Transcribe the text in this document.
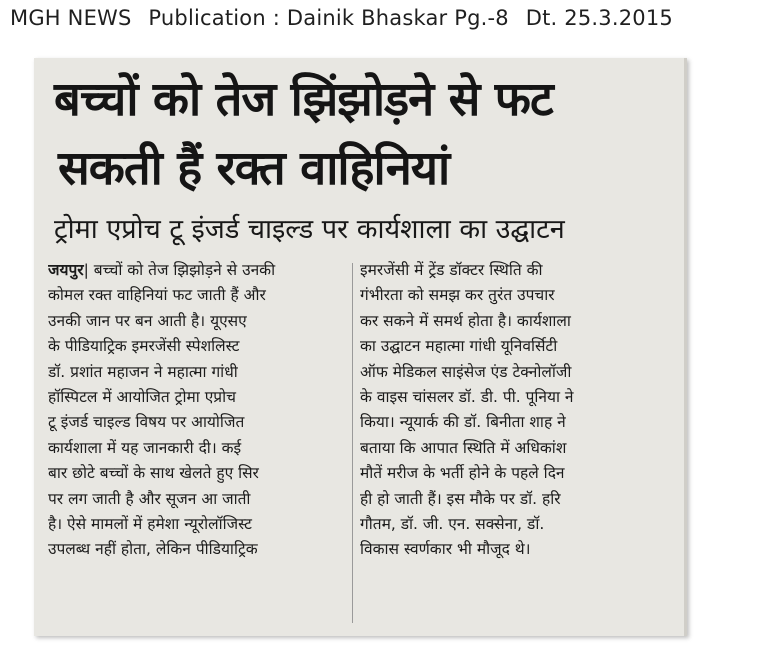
MGH NEWS Publication : Dainik Bhaskar Pg.-8 Dt. 25.3.2015
बच्चों को तेज झिंझोड़ने से फट
सकती हैं रक्त वाहिनियां
ट्रोमा एप्रोच टू इंजर्ड चाइल्ड पर कार्यशाला का उद्घाटन
जयपुर| बच्चों को तेज झिझोड़ने से उनकी
कोमल रक्त वाहिनियां फट जाती हैं और
उनकी जान पर बन आती है। यूएसए
के पीडियाट्रिक इमरजेंसी स्पेशलिस्ट
डॉ. प्रशांत महाजन ने महात्मा गांधी
हॉस्पिटल में आयोजित ट्रोमा एप्रोच
टू इंजर्ड चाइल्ड विषय पर आयोजित
कार्यशाला में यह जानकारी दी। कई
बार छोटे बच्चों के साथ खेलते हुए सिर
पर लग जाती है और सूजन आ जाती
है। ऐसे मामलों में हमेशा न्यूरोलॉजिस्ट
उपलब्ध नहीं होता, लेकिन पीडियाट्रिक
इमरजेंसी में ट्रेंड डॉक्टर स्थिति की
गंभीरता को समझ कर तुरंत उपचार
कर सकने में समर्थ होता है। कार्यशाला
का उद्घाटन महात्मा गांधी यूनिवर्सिटी
ऑफ मेडिकल साइंसेज एंड टेक्नोलॉजी
के वाइस चांसलर डॉ. डी. पी. पूनिया ने
किया। न्यूयार्क की डॉ. बिनीता शाह ने
बताया कि आपात स्थिति में अधिकांश
मौतें मरीज के भर्ती होने के पहले दिन
ही हो जाती हैं। इस मौके पर डॉ. हरि
गौतम, डॉ. जी. एन. सक्सेना, डॉ.
विकास स्वर्णकार भी मौजूद थे।
